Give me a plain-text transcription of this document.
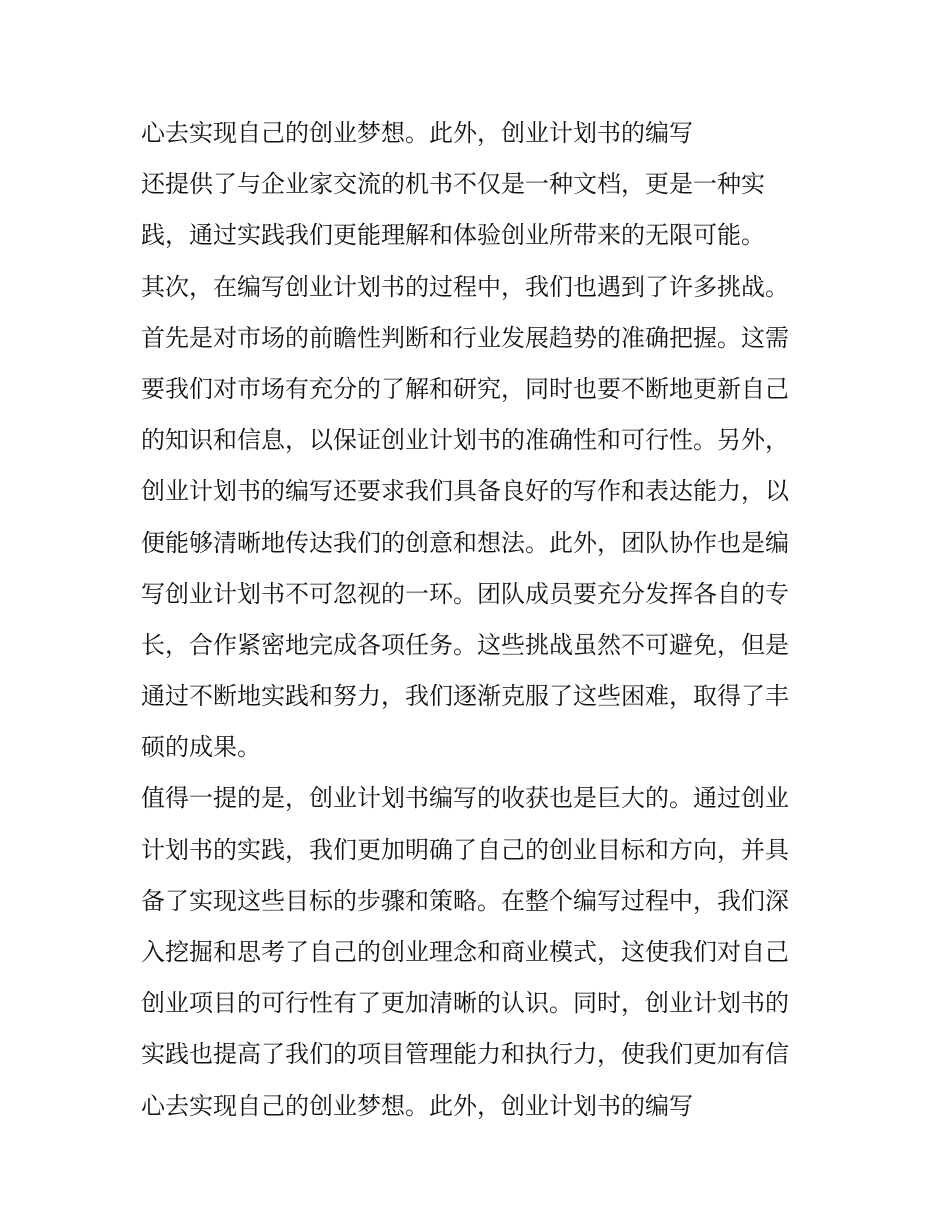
心去实现自己的创业梦想。此外，创业计划书的编写
还提供了与企业家交流的机书不仅是一种文档，更是一种实
践，通过实践我们更能理解和体验创业所带来的无限可能。
其次，在编写创业计划书的过程中，我们也遇到了许多挑战。
首先是对市场的前瞻性判断和行业发展趋势的准确把握。这需
要我们对市场有充分的了解和研究，同时也要不断地更新自己
的知识和信息，以保证创业计划书的准确性和可行性。另外，
创业计划书的编写还要求我们具备良好的写作和表达能力，以
便能够清晰地传达我们的创意和想法。此外，团队协作也是编
写创业计划书不可忽视的一环。团队成员要充分发挥各自的专
长，合作紧密地完成各项任务。这些挑战虽然不可避免，但是
通过不断地实践和努力，我们逐渐克服了这些困难，取得了丰
硕的成果。
值得一提的是，创业计划书编写的收获也是巨大的。通过创业
计划书的实践，我们更加明确了自己的创业目标和方向，并具
备了实现这些目标的步骤和策略。在整个编写过程中，我们深
入挖掘和思考了自己的创业理念和商业模式，这使我们对自己
创业项目的可行性有了更加清晰的认识。同时，创业计划书的
实践也提高了我们的项目管理能力和执行力，使我们更加有信
心去实现自己的创业梦想。此外，创业计划书的编写
